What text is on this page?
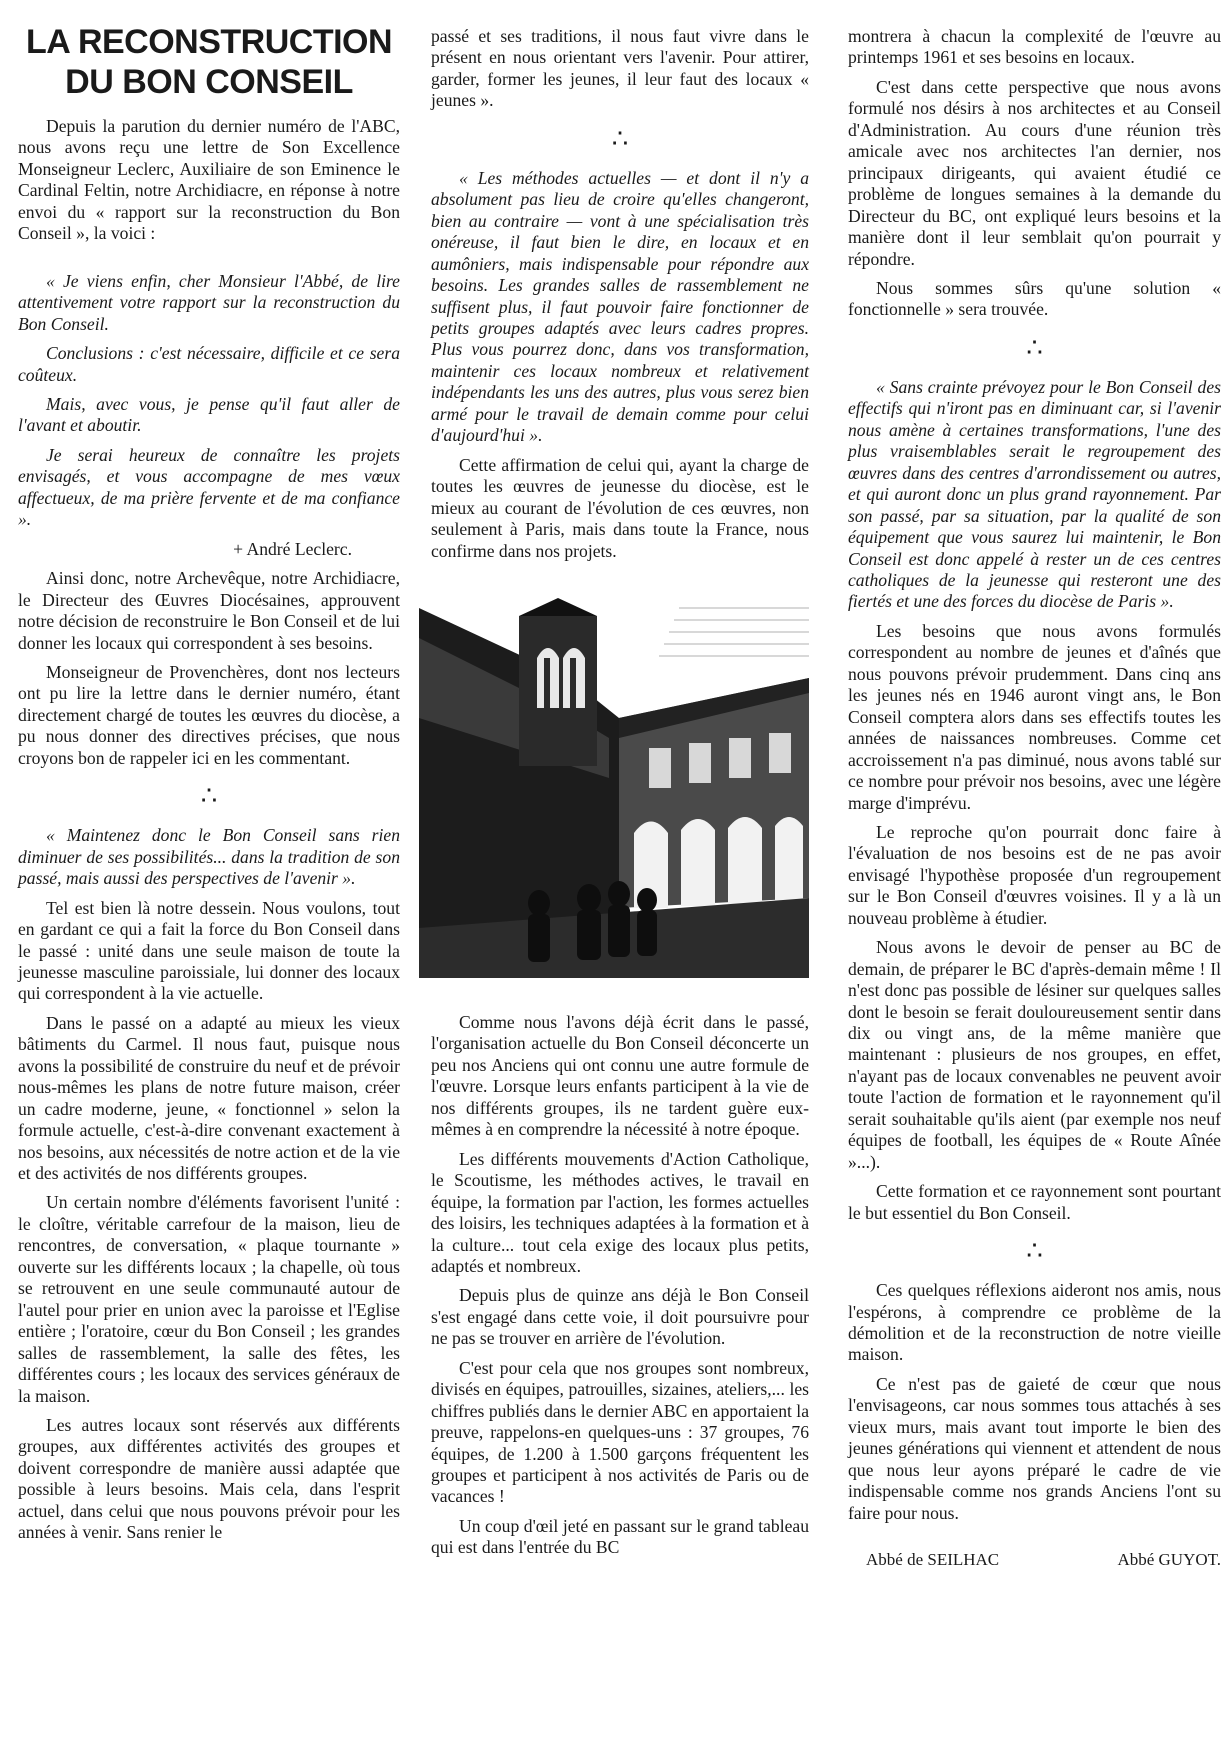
LA RECONSTRUCTION
DU BON CONSEIL

Depuis la parution du dernier numéro de l'ABC, nous avons reçu une lettre de Son Excellence Monseigneur Leclerc, Auxiliaire de son Eminence le Cardinal Feltin, notre Archidiacre, en réponse à notre envoi du « rapport sur la reconstruction du Bon Conseil », la voici :

« Je viens enfin, cher Monsieur l'Abbé, de lire attentivement votre rapport sur la reconstruction du Bon Conseil.

Conclusions : c'est nécessaire, difficile et ce sera coûteux.

Mais, avec vous, je pense qu'il faut aller de l'avant et aboutir.

Je serai heureux de connaître les projets envisagés, et vous accompagne de mes vœux affectueux, de ma prière fervente et de ma confiance ».

+ André Leclerc.

Ainsi donc, notre Archevêque, notre Archidiacre, le Directeur des Œuvres Diocésaines, approuvent notre décision de reconstruire le Bon Conseil et de lui donner les locaux qui correspondent à ses besoins.

Monseigneur de Provenchères, dont nos lecteurs ont pu lire la lettre dans le dernier numéro, étant directement chargé de toutes les œuvres du diocèse, a pu nous donner des directives précises, que nous croyons bon de rappeler ici en les commentant.

∴

« Maintenez donc le Bon Conseil sans rien diminuer de ses possibilités... dans la tradition de son passé, mais aussi des perspectives de l'avenir ».

Tel est bien là notre dessein. Nous voulons, tout en gardant ce qui a fait la force du Bon Conseil dans le passé : unité dans une seule maison de toute la jeunesse masculine paroissiale, lui donner des locaux qui correspondent à la vie actuelle.

Dans le passé on a adapté au mieux les vieux bâtiments du Carmel. Il nous faut, puisque nous avons la possibilité de construire du neuf et de prévoir nous-mêmes les plans de notre future maison, créer un cadre moderne, jeune, « fonctionnel » selon la formule actuelle, c'est-à-dire convenant exactement à nos besoins, aux nécessités de notre action et de la vie et des activités de nos différents groupes.

Un certain nombre d'éléments favorisent l'unité : le cloître, véritable carrefour de la maison, lieu de rencontres, de conversation, « plaque tournante » ouverte sur les différents locaux ; la chapelle, où tous se retrouvent en une seule communauté autour de l'autel pour prier en union avec la paroisse et l'Eglise entière ; l'oratoire, cœur du Bon Conseil ; les grandes salles de rassemblement, la salle des fêtes, les différentes cours ; les locaux des services généraux de la maison.

Les autres locaux sont réservés aux différents groupes, aux différentes activités des groupes et doivent correspondre de manière aussi adaptée que possible à leurs besoins. Mais cela, dans l'esprit actuel, dans celui que nous pouvons prévoir pour les années à venir. Sans renier le

passé et ses traditions, il nous faut vivre dans le présent en nous orientant vers l'avenir. Pour attirer, garder, former les jeunes, il leur faut des locaux « jeunes ».

∴

« Les méthodes actuelles — et dont il n'y a absolument pas lieu de croire qu'elles changeront, bien au contraire — vont à une spécialisation très onéreuse, il faut bien le dire, en locaux et en aumôniers, mais indispensable pour répondre aux besoins. Les grandes salles de rassemblement ne suffisent plus, il faut pouvoir faire fonctionner de petits groupes adaptés avec leurs cadres propres. Plus vous pourrez donc, dans vos transformation, maintenir ces locaux nombreux et relativement indépendants les uns des autres, plus vous serez bien armé pour le travail de demain comme pour celui d'aujourd'hui ».

Cette affirmation de celui qui, ayant la charge de toutes les œuvres de jeunesse du diocèse, est le mieux au courant de l'évolution de ces œuvres, non seulement à Paris, mais dans toute la France, nous confirme dans nos projets.

Comme nous l'avons déjà écrit dans le passé, l'organisation actuelle du Bon Conseil déconcerte un peu nos Anciens qui ont connu une autre formule de l'œuvre. Lorsque leurs enfants participent à la vie de nos différents groupes, ils ne tardent guère eux-mêmes à en comprendre la nécessité à notre époque.

Les différents mouvements d'Action Catholique, le Scoutisme, les méthodes actives, le travail en équipe, la formation par l'action, les formes actuelles des loisirs, les techniques adaptées à la formation et à la culture... tout cela exige des locaux plus petits, adaptés et nombreux.

Depuis plus de quinze ans déjà le Bon Conseil s'est engagé dans cette voie, il doit poursuivre pour ne pas se trouver en arrière de l'évolution.

C'est pour cela que nos groupes sont nombreux, divisés en équipes, patrouilles, sizaines, ateliers,... les chiffres publiés dans le dernier ABC en apportaient la preuve, rappelons-en quelques-uns : 37 groupes, 76 équipes, de 1.200 à 1.500 garçons fréquentent les groupes et participent à nos activités de Paris ou de vacances !

Un coup d'œil jeté en passant sur le grand tableau qui est dans l'entrée du BC

montrera à chacun la complexité de l'œuvre au printemps 1961 et ses besoins en locaux.

C'est dans cette perspective que nous avons formulé nos désirs à nos architectes et au Conseil d'Administration. Au cours d'une réunion très amicale avec nos architectes l'an dernier, nos principaux dirigeants, qui avaient étudié ce problème de longues semaines à la demande du Directeur du BC, ont expliqué leurs besoins et la manière dont il leur semblait qu'on pourrait y répondre.

Nous sommes sûrs qu'une solution « fonctionnelle » sera trouvée.

∴

« Sans crainte prévoyez pour le Bon Conseil des effectifs qui n'iront pas en diminuant car, si l'avenir nous amène à certaines transformations, l'une des plus vraisemblables serait le regroupement des œuvres dans des centres d'arrondissement ou autres, et qui auront donc un plus grand rayonnement. Par son passé, par sa situation, par la qualité de son équipement que vous saurez lui maintenir, le Bon Conseil est donc appelé à rester un de ces centres catholiques de la jeunesse qui resteront une des fiertés et une des forces du diocèse de Paris ».

Les besoins que nous avons formulés correspondent au nombre de jeunes et d'aînés que nous pouvons prévoir prudemment. Dans cinq ans les jeunes nés en 1946 auront vingt ans, le Bon Conseil comptera alors dans ses effectifs toutes les années de naissances nombreuses. Comme cet accroissement n'a pas diminué, nous avons tablé sur ce nombre pour prévoir nos besoins, avec une légère marge d'imprévu.

Le reproche qu'on pourrait donc faire à l'évaluation de nos besoins est de ne pas avoir envisagé l'hypothèse proposée d'un regroupement sur le Bon Conseil d'œuvres voisines. Il y a là un nouveau problème à étudier.

Nous avons le devoir de penser au BC de demain, de préparer le BC d'après-demain même ! Il n'est donc pas possible de lésiner sur quelques salles dont le besoin se ferait douloureusement sentir dans dix ou vingt ans, de la même manière que maintenant : plusieurs de nos groupes, en effet, n'ayant pas de locaux convenables ne peuvent avoir toute l'action de formation et le rayonnement qu'il serait souhaitable qu'ils aient (par exemple nos neuf équipes de football, les équipes de « Route Aînée »...).

Cette formation et ce rayonnement sont pourtant le but essentiel du Bon Conseil.

∴

Ces quelques réflexions aideront nos amis, nous l'espérons, à comprendre ce problème de la démolition et de la reconstruction de notre vieille maison.

Ce n'est pas de gaieté de cœur que nous l'envisageons, car nous sommes tous attachés à ses vieux murs, mais avant tout importe le bien des jeunes générations qui viennent et attendent de nous que nous leur ayons préparé le cadre de vie indispensable comme nos grands Anciens l'ont su faire pour nous.

Abbé de SEILHAC	Abbé GUYOT.
